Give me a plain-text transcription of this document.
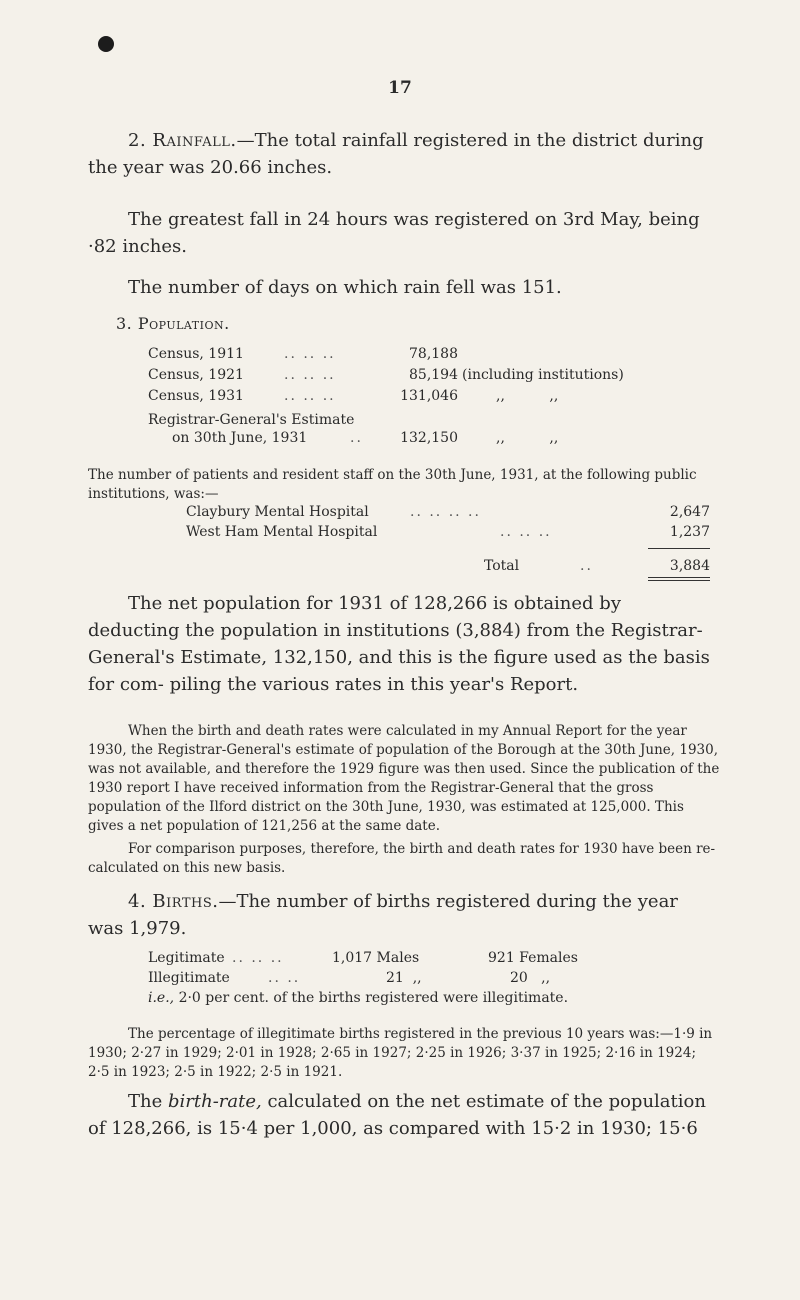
17
2. Rainfall.—The total rainfall registered in the district during the year was 20.66 inches.
The greatest fall in 24 hours was registered on 3rd May, being ·82 inches.
The number of days on which rain fell was 151.
3. Population.
Census, 1911	.. .. ..	78,188
Census, 1921	.. .. ..	85,194 (including institutions)
Census, 1931	.. .. ..	131,046	,,          ,,
Registrar-General's Estimate
on 30th June, 1931	..	132,150	,,          ,,
The number of patients and resident staff on the 30th June, 1931, at the following public institutions, was:—
Claybury Mental Hospital	.. .. .. ..	2,647
West Ham Mental Hospital	.. .. ..	1,237
Total	..	3,884
The net population for 1931 of 128,266 is obtained by deducting the population in institutions (3,884) from the Registrar-General's Estimate, 132,150, and this is the figure used as the basis for com- piling the various rates in this year's Report.
When the birth and death rates were calculated in my Annual Report for the year 1930, the Registrar-General's estimate of population of the Borough at the 30th June, 1930, was not available, and therefore the 1929 figure was then used. Since the publication of the 1930 report I have received information from the Registrar-General that the gross population of the Ilford district on the 30th June, 1930, was estimated at 125,000. This gives a net population of 121,256 at the same date.
For comparison purposes, therefore, the birth and death rates for 1930 have been re-calculated on this new basis.
4. Births.—The number of births registered during the year was 1,979.
Legitimate .. .. ..	1,017 Males	921 Females
Illegitimate	.. ..	21  ,,	20   ,,
i.e., 2·0 per cent. of the births registered were illegitimate.
The percentage of illegitimate births registered in the previous 10 years was:—1·9 in 1930; 2·27 in 1929; 2·01 in 1928; 2·65 in 1927; 2·25 in 1926; 3·37 in 1925; 2·16 in 1924; 2·5 in 1923; 2·5 in 1922; 2·5 in 1921.
The birth-rate, calculated on the net estimate of the population of 128,266, is 15·4 per 1,000, as compared with 15·2 in 1930; 15·6
